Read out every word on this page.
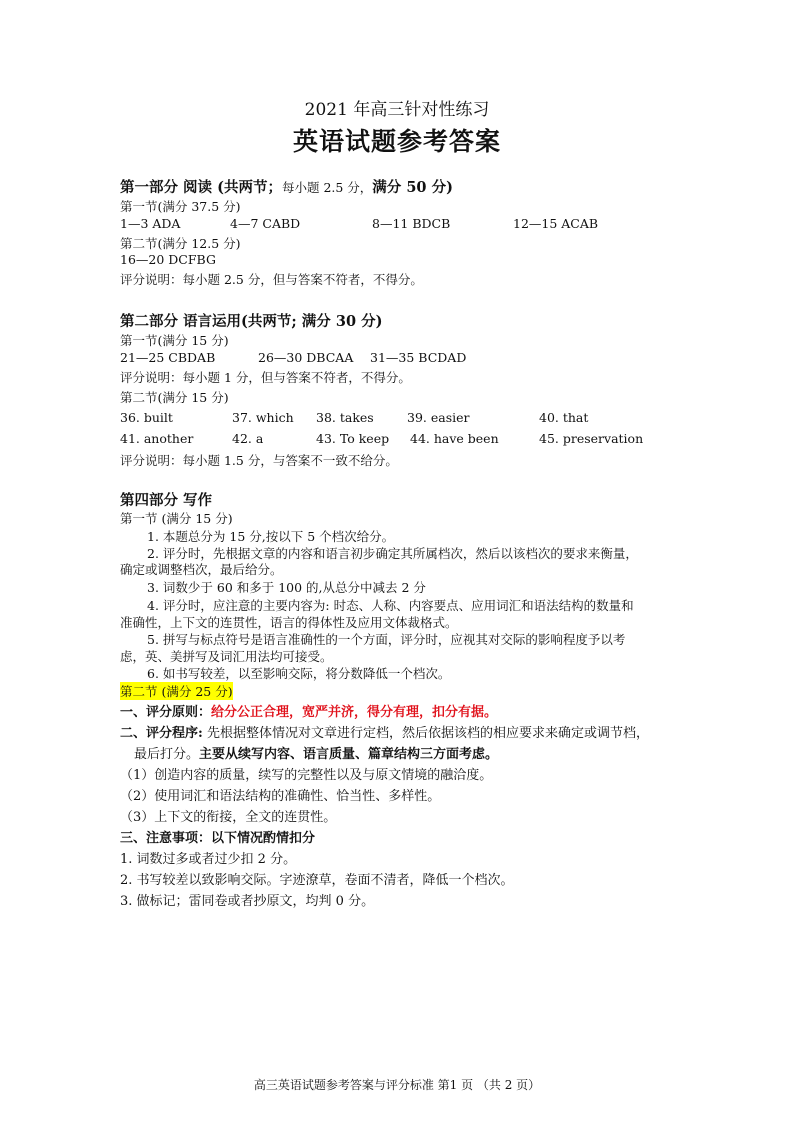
2021 年高三针对性练习
英语试题参考答案
第一部分 阅读 (共两节；每小题 2.5 分，满分 50 分)
第一节(满分 37.5 分)
1—3 ADA	4—7 CABD	8—11 BDCB	12—15 ACAB
第二节(满分 12.5 分)
16—20 DCFBG
评分说明：每小题 2.5 分，但与答案不符者，不得分。
第二部分 语言运用(共两节; 满分 30 分)
第一节(满分 15 分)
21—25 CBDAB	26—30 DBCAA 31—35 BCDAD
评分说明：每小题 1 分，但与答案不符者，不得分。
第二节(满分 15 分)
36. built	37. which 38. takes	39. easier	40. that
41. another	42. a	43. To keep 44. have been	45. preservation
评分说明：每小题 1.5 分，与答案不一致不给分。
第四部分 写作
第一节 (满分 15 分)
1. 本题总分为 15 分,按以下 5 个档次给分。
2. 评分时，先根据文章的内容和语言初步确定其所属档次，然后以该档次的要求来衡量，
确定或调整档次，最后给分。
3. 词数少于 60 和多于 100 的,从总分中减去 2 分
4. 评分时，应注意的主要内容为: 时态、人称、内容要点、应用词汇和语法结构的数量和
准确性，上下文的连贯性，语言的得体性及应用文体裁格式。
5. 拼写与标点符号是语言准确性的一个方面，评分时，应视其对交际的影响程度予以考
虑，英、美拼写及词汇用法均可接受。
6. 如书写较差，以至影响交际，将分数降低一个档次。
第二节 (满分 25 分)
一、评分原则：给分公正合理，宽严并济，得分有理，扣分有据。
二、评分程序: 先根据整体情况对文章进行定档，然后依据该档的相应要求来确定或调节档，
最后打分。主要从续写内容、语言质量、篇章结构三方面考虑。
（1）创造内容的质量，续写的完整性以及与原文情境的融洽度。
（2）使用词汇和语法结构的准确性、恰当性、多样性。
（3）上下文的衔接，全文的连贯性。
三、注意事项：以下情况酌情扣分
1. 词数过多或者过少扣 2 分。
2. 书写较差以致影响交际。字迹潦草，卷面不清者，降低一个档次。
3. 做标记；雷同卷或者抄原文，均判 0 分。
高三英语试题参考答案与评分标准 第1 页 （共 2 页）
